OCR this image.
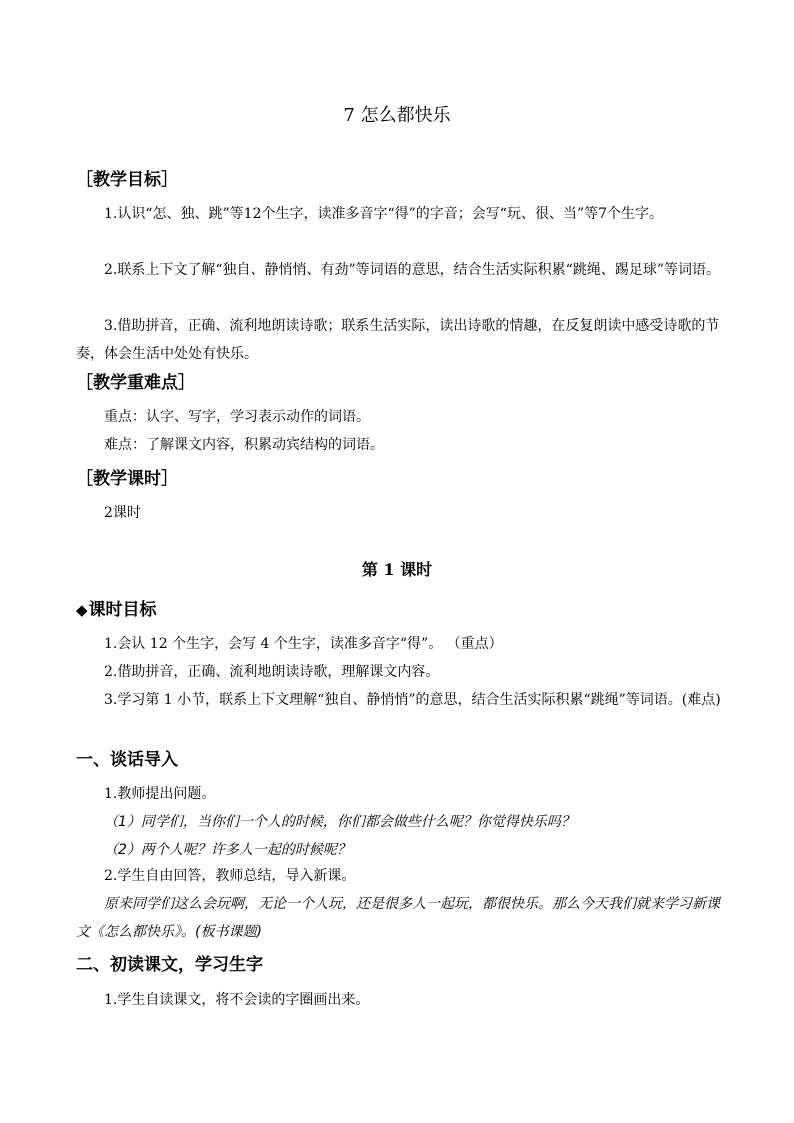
7 怎么都快乐
［教学目标］
1.认识“怎、独、跳”等12个生字，读准多音字“得”的字音；会写“玩、很、当”等7个生字。
2.联系上下文了解“独自、静悄悄、有劲”等词语的意思，结合生活实际积累“跳绳、踢足球”等词语。
3.借助拼音，正确、流利地朗读诗歌；联系生活实际，读出诗歌的情趣，在反复朗读中感受诗歌的节奏，体会生活中处处有快乐。
［教学重难点］
重点：认字、写字，学习表示动作的词语。
难点：了解课文内容，积累动宾结构的词语。
［教学课时］
2课时
第 1 课时
◆课时目标
1.会认 12 个生字，会写 4 个生字，读准多音字“得”。 （重点）
2.借助拼音，正确、流利地朗读诗歌，理解课文内容。
3.学习第 1 小节，联系上下文理解“独自、静悄悄”的意思，结合生活实际积累“跳绳”等词语。(难点)
一、谈话导入
1.教师提出问题。
（1）同学们，当你们一个人的时候，你们都会做些什么呢？你觉得快乐吗？
（2）两个人呢？许多人一起的时候呢？
2.学生自由回答，教师总结，导入新课。
原来同学们这么会玩啊，无论一个人玩，还是很多人一起玩，都很快乐。那么今天我们就来学习新课文《怎么都快乐》。(板书课题)
二、初读课文，学习生字
1.学生自读课文，将不会读的字圈画出来。
